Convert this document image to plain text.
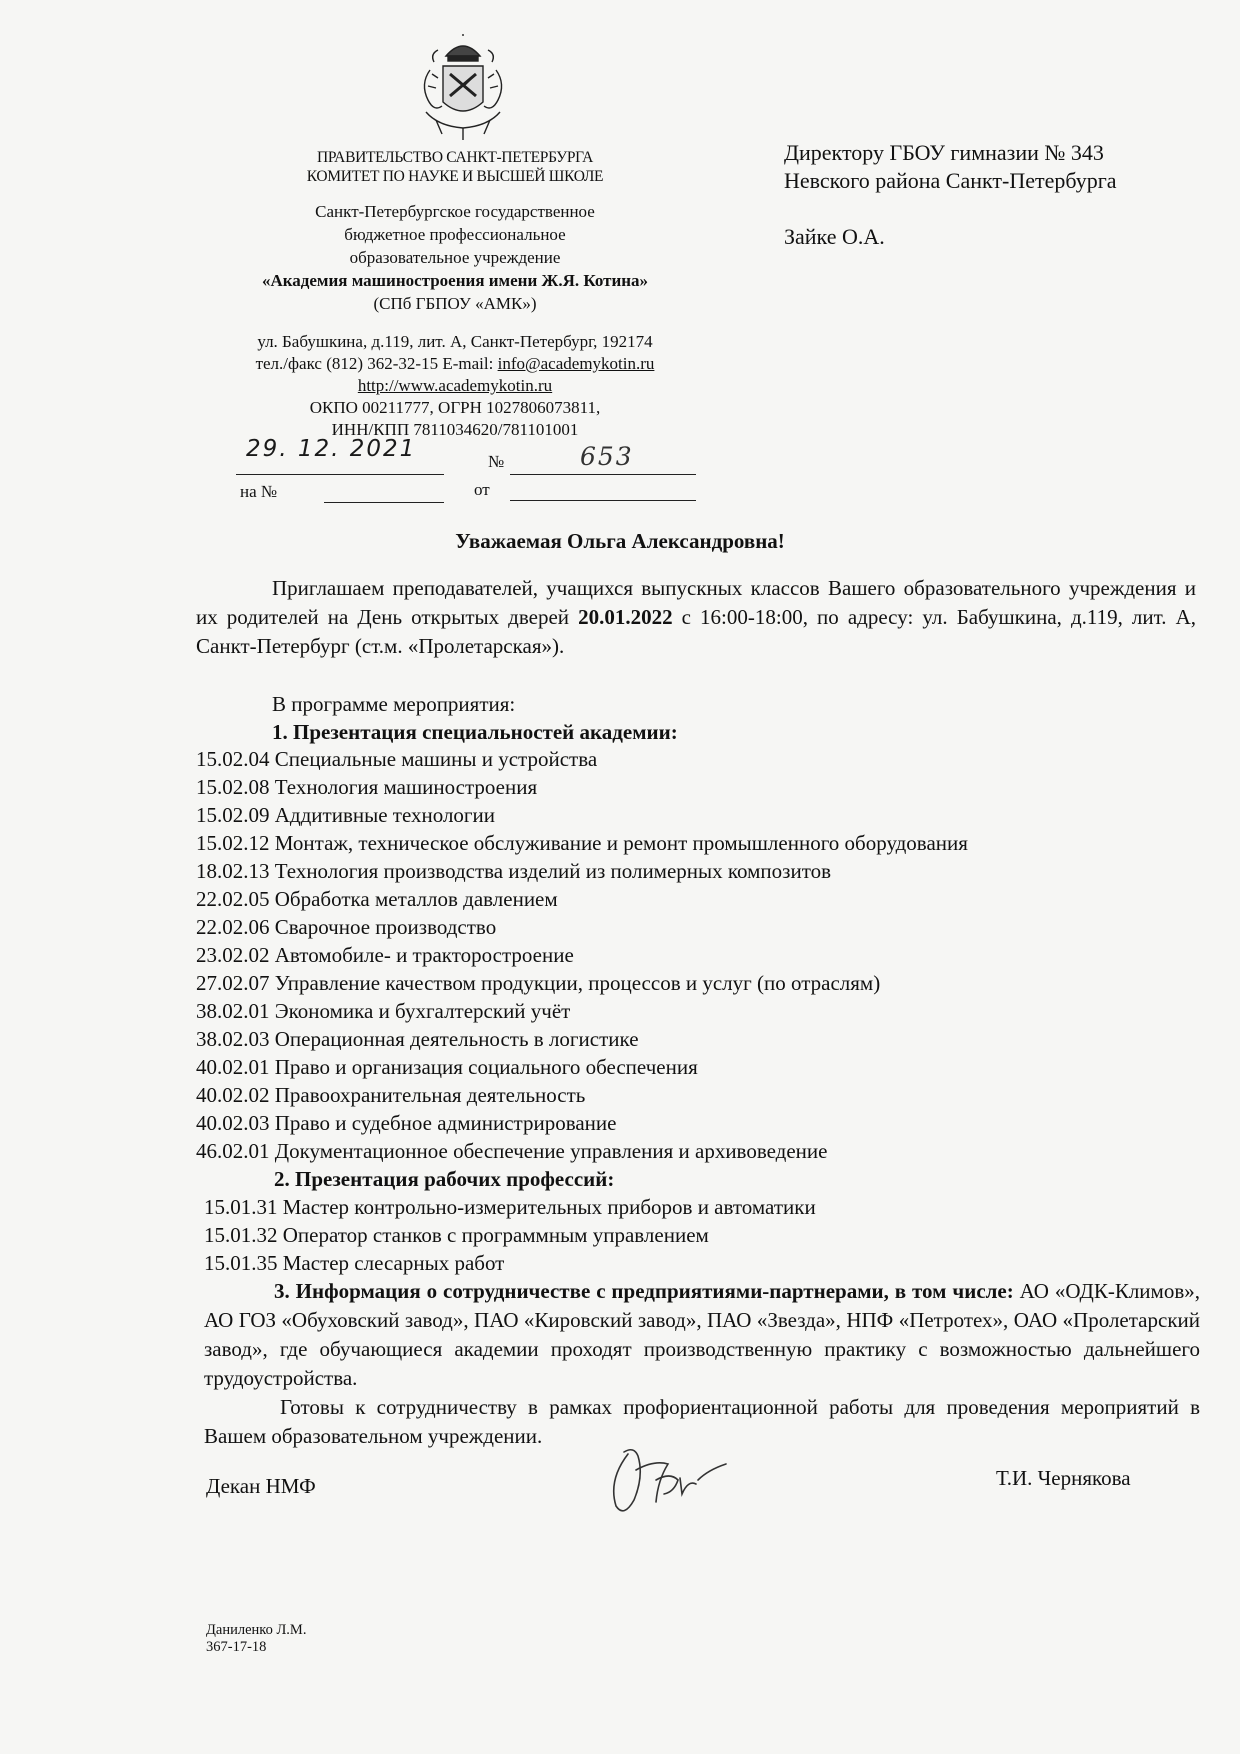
ПРАВИТЕЛЬСТВО САНКТ-ПЕТЕРБУРГА
КОМИТЕТ ПО НАУКЕ И ВЫСШЕЙ ШКОЛЕ
Санкт-Петербургское государственное
бюджетное профессиональное
образовательное учреждение
«Академия машиностроения имени Ж.Я. Котина»
(СПб ГБПОУ «АМК»)
ул. Бабушкина, д.119, лит. А, Санкт-Петербург, 192174
тел./факс (812) 362-32-15 E-mail: info@academykotin.ru
http://www.academykotin.ru
ОКПО 00211777, ОГРН 1027806073811,
ИНН/КПП 7811034620/781101001
29. 12. 2021	№	653
на №	от
Директору ГБОУ гимназии № 343
Невского района Санкт-Петербурга
Зайке О.А.
Уважаемая Ольга Александровна!
Приглашаем преподавателей, учащихся выпускных классов Вашего образовательного учреждения и их родителей на День открытых дверей 20.01.2022 с 16:00-18:00, по адресу: ул. Бабушкина, д.119, лит. А, Санкт-Петербург (ст.м. «Пролетарская»).
В программе мероприятия:
1. Презентация специальностей академии:
15.02.04 Специальные машины и устройства
15.02.08 Технология машиностроения
15.02.09 Аддитивные технологии
15.02.12 Монтаж, техническое обслуживание и ремонт промышленного оборудования
18.02.13 Технология производства изделий из полимерных композитов
22.02.05 Обработка металлов давлением
22.02.06 Сварочное производство
23.02.02 Автомобиле- и тракторостроение
27.02.07 Управление качеством продукции, процессов и услуг (по отраслям)
38.02.01 Экономика и бухгалтерский учёт
38.02.03 Операционная деятельность в логистике
40.02.01 Право и организация социального обеспечения
40.02.02 Правоохранительная деятельность
40.02.03 Право и судебное администрирование
46.02.01 Документационное обеспечение управления и архивоведение
2. Презентация рабочих профессий:
15.01.31 Мастер контрольно-измерительных приборов и автоматики
15.01.32 Оператор станков с программным управлением
15.01.35 Мастер слесарных работ
3. Информация о сотрудничестве с предприятиями-партнерами, в том числе: АО «ОДК-Климов», АО ГОЗ «Обуховский завод», ПАО «Кировский завод», ПАО «Звезда», НПФ «Петротех», ОАО «Пролетарский завод», где обучающиеся академии проходят производственную практику с возможностью дальнейшего трудоустройства.
Готовы к сотрудничеству в рамках профориентационной работы для проведения мероприятий в Вашем образовательном учреждении.
Декан НМФ	Т.И. Чернякова
Даниленко Л.М.
367-17-18
